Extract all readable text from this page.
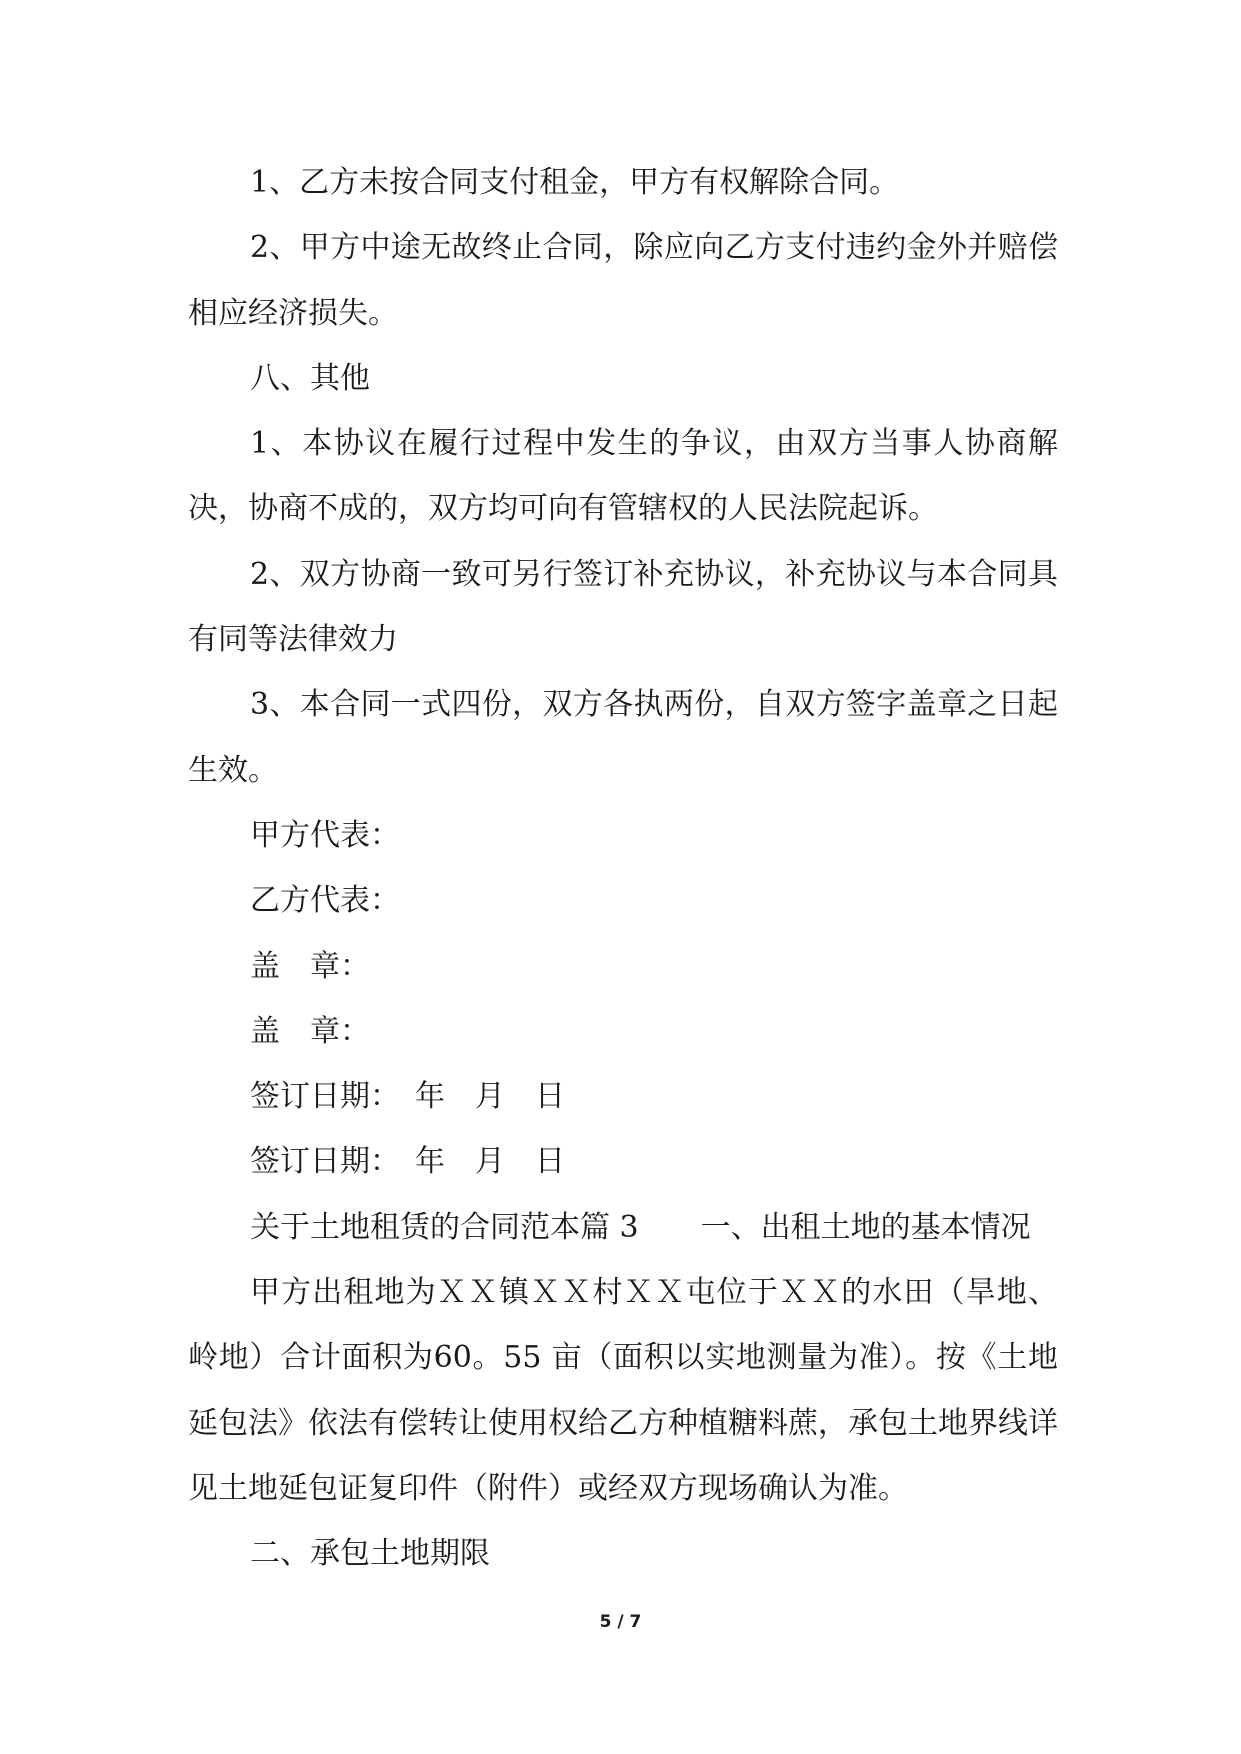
1、乙方未按合同支付租金，甲方有权解除合同。

2、甲方中途无故终止合同，除应向乙方支付违约金外并赔偿相应经济损失。

八、其他

1、本协议在履行过程中发生的争议，由双方当事人协商解决，协商不成的，双方均可向有管辖权的人民法院起诉。

2、双方协商一致可另行签订补充协议，补充协议与本合同具有同等法律效力

3、本合同一式四份，双方各执两份，自双方签字盖章之日起生效。

甲方代表：

乙方代表：

盖　章：

盖　章：

签订日期：　年　月　日

签订日期：　年　月　日

关于土地租赁的合同范本篇 3 一、出租土地的基本情况

甲方出租地为ＸＸ镇ＸＸ村ＸＸ屯位于ＸＸ的水田（旱地、岭地）合计面积为60。55 亩（面积以实地测量为准）。按《土地延包法》依法有偿转让使用权给乙方种植糖料蔗，承包土地界线详见土地延包证复印件（附件）或经双方现场确认为准。

二、承包土地期限

5 / 7
